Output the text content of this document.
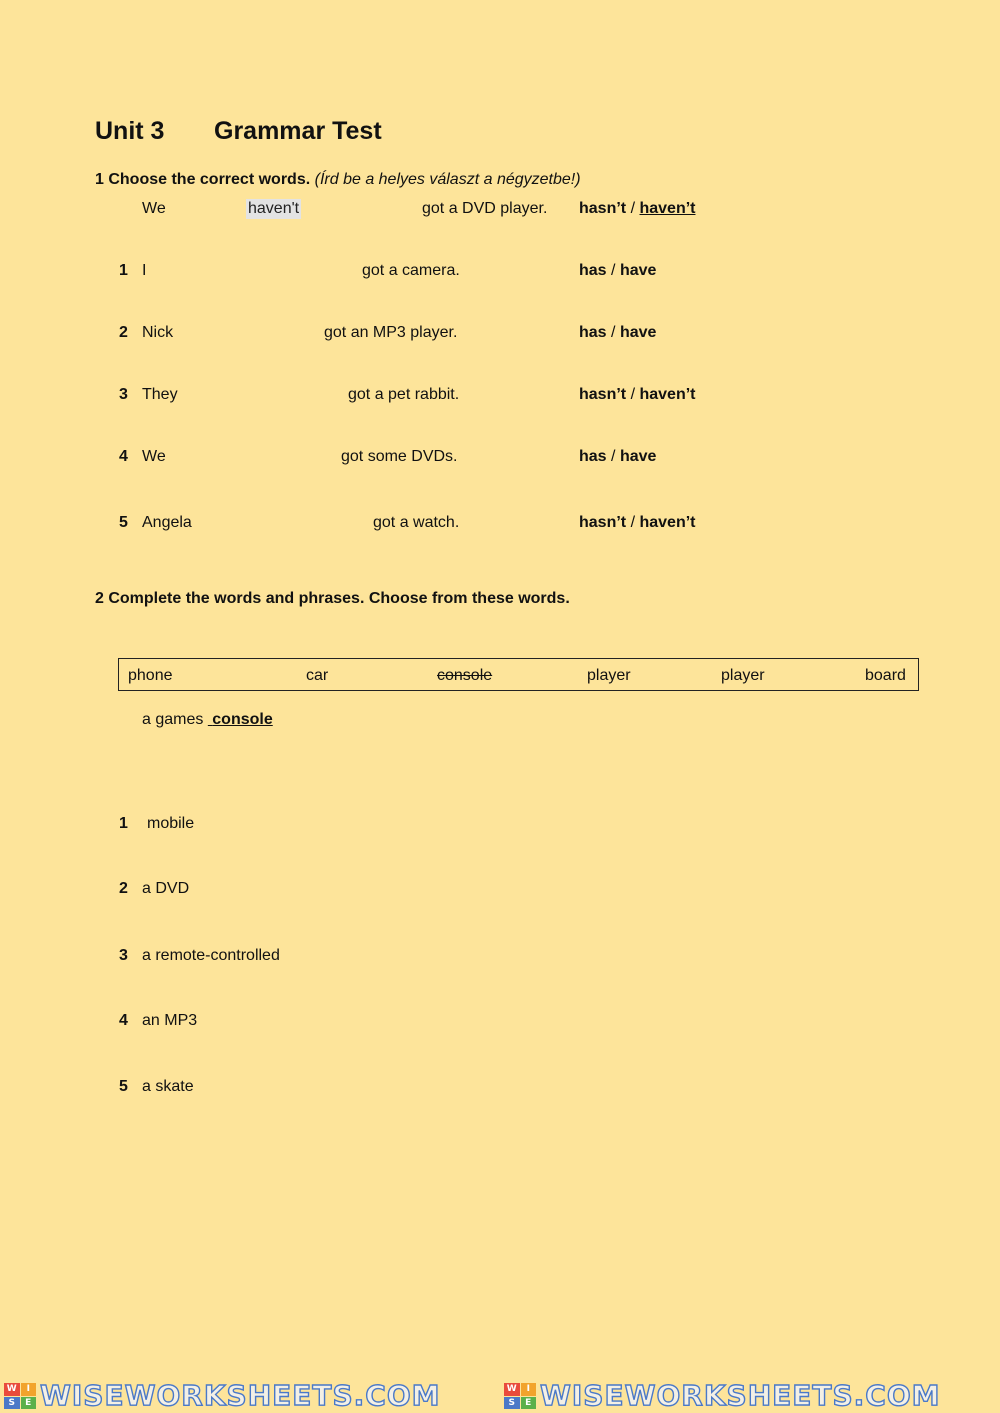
Unit 3 Grammar Test
1 Choose the correct words. (Írd be a helyes választ a négyzetbe!)
We	haven't	got a DVD player. hasn’t / haven’t
1 I	got a camera.	has / have
2 Nick	got an MP3 player.	has / have
3 They	got a pet rabbit.	hasn’t / haven’t
4 We	got some DVDs.	has / have
5 Angela	got a watch.	hasn’t / haven’t
2 Complete the words and phrases. Choose from these words.
phone	car	console	player	player	board
a games console
1 mobile
2 a DVD
3 a remote-controlled
4 an MP3
5 a skate
W	I
S	E WISEWORKSHEETS.COM	W	I
S	E WISEWORKSHEETS.COM
